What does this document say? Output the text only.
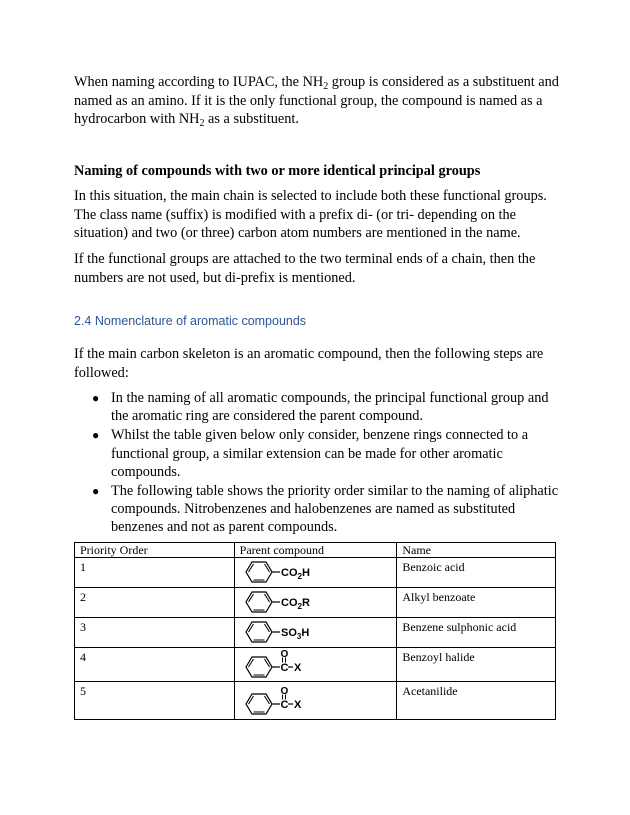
When naming according to IUPAC, the $NH_2$ group is considered as a substituent and named as an amino. If it is the only functional group, the compound is named as a hydrocarbon with $NH_2$ as a substituent.

Naming of compounds with two or more identical principal groups

In this situation, the main chain is selected to include both these functional groups. The class name (suffix) is modified with a prefix di- (or tri- depending on the situation) and two (or three) carbon atom numbers are mentioned in the name.

If the functional groups are attached to the two terminal ends of a chain, then the numbers are not used, but di-prefix is mentioned.

2.4 Nomenclature of aromatic compounds

If the main carbon skeleton is an aromatic compound, then the following steps are followed:

● In the naming of all aromatic compounds, the principal functional group and the aromatic ring are considered the parent compound.
● Whilst the table given below only consider, benzene rings connected to a functional group, a similar extension can be made for other aromatic compounds.
● The following table shows the priority order similar to the naming of aliphatic compounds. Nitrobenzenes and halobenzenes are named as substituted benzenes and not as parent compounds.
Priority Order	Parent compound	Name
1	$CO_2H$	Benzoic acid
2	$CO_2R$	Alkyl benzoate
3	$SO_3H$	Benzene sulphonic acid
4	C
O
X	Benzoyl halide
5	C
O
X	Acetanilide
